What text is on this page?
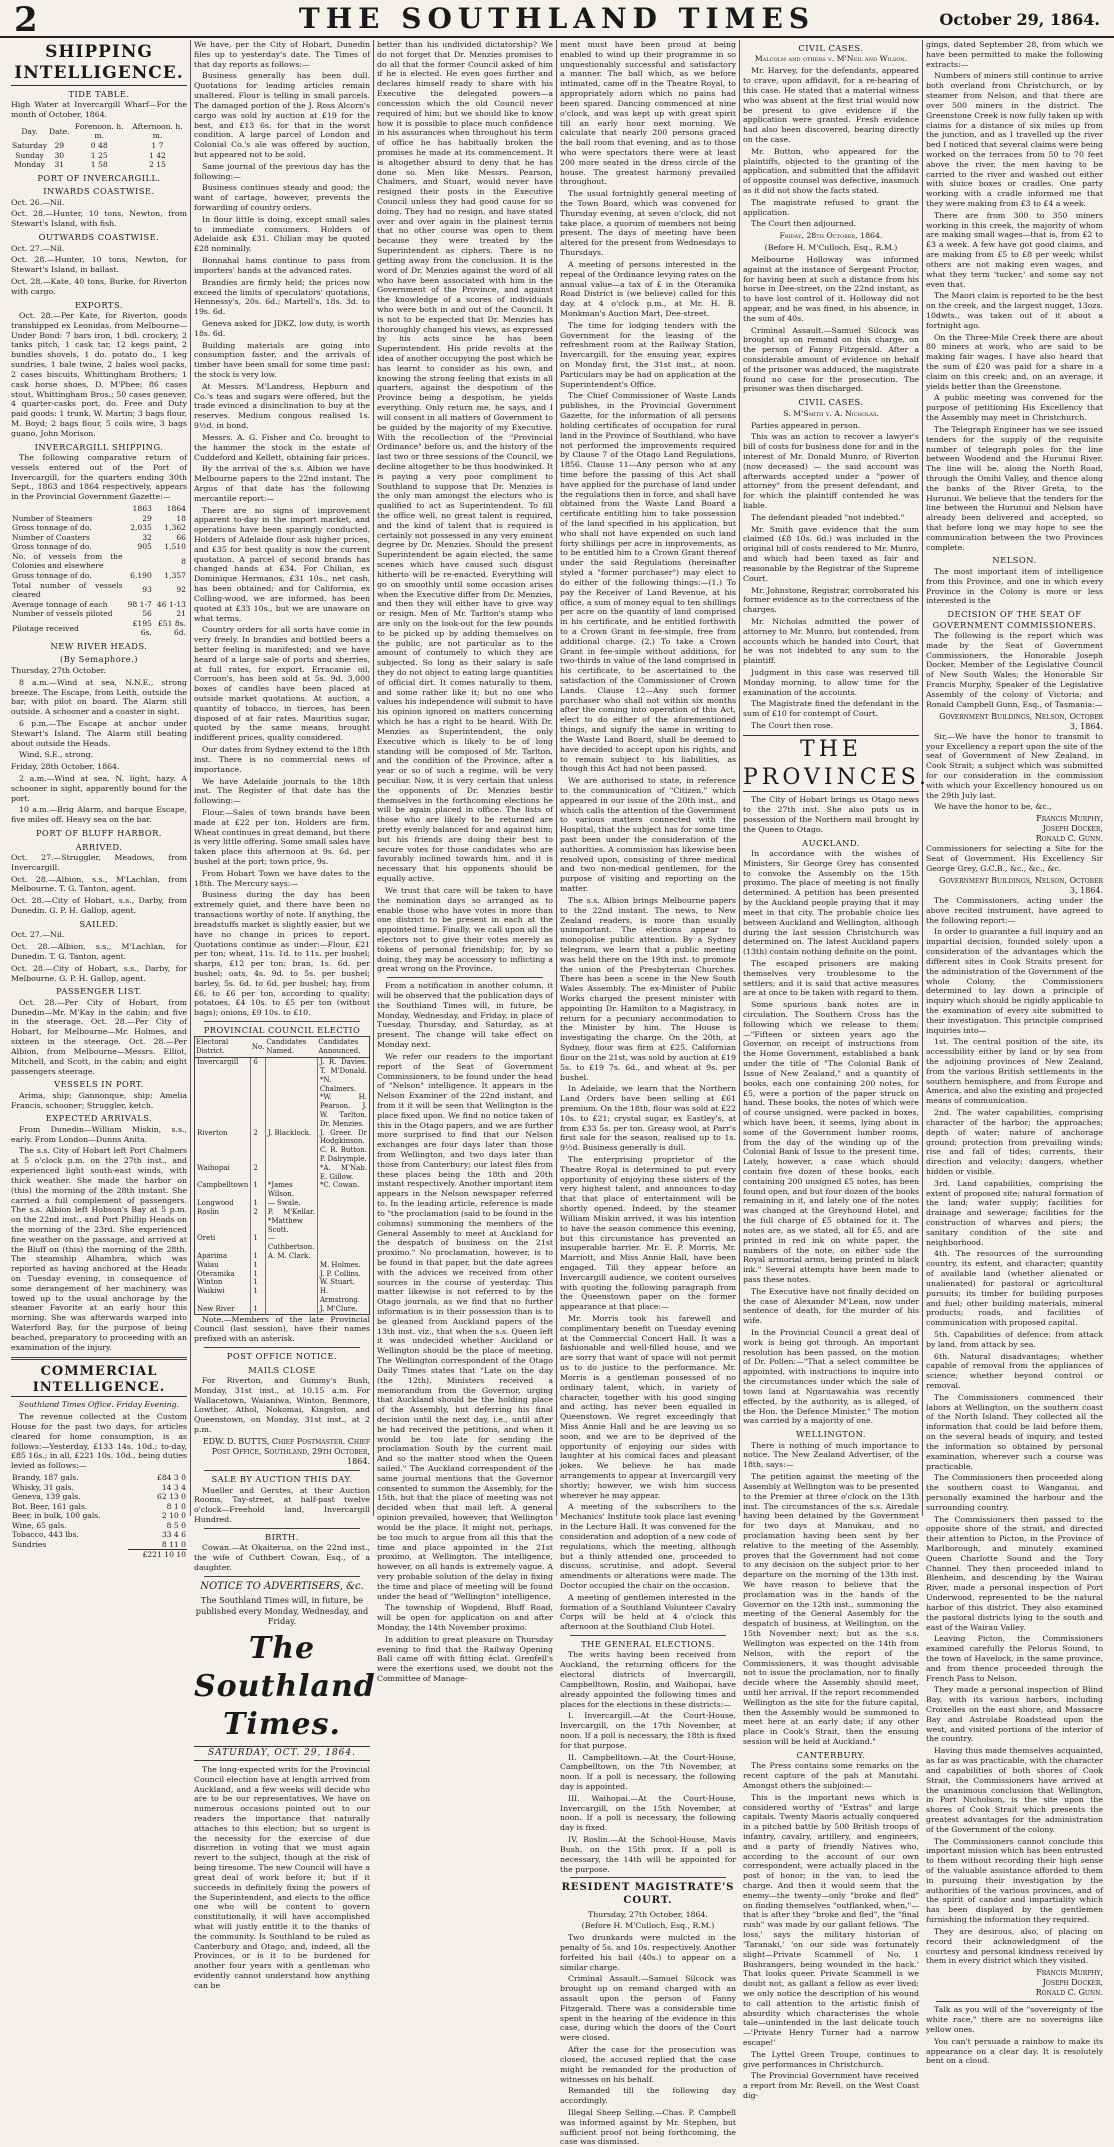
2	THE SOUTHLAND TIMES	October 29, 1864.
SHIPPING INTELLIGENCE.
TIDE TABLE.

High Water at Invercargill Wharf—For the month of October, 1864.

Day.	Date.	Forenoon. h. m.	Afternoon. h. m.
Saturday	29	0 48	1 7
Sunday	30	1 25	1 42
Monday	31	1 58	2 15
PORT OF INVERCARGILL.
INWARDS COASTWISE.

Oct. 26.—Nil.

Oct. 28.—Hunter, 10 tons, Newton, from Stewart's Island, with fish.

OUTWARDS COASTWISE.

Oct. 27.—Nil.

Oct. 28.—Hunter, 10 tons, Newton, for Stewart's Island, in ballast.

Oct. 28.—Kate, 40 tons, Burke, for Riverton with cargo.

EXPORTS.

Oct. 28.—Per Kate, for Riverton, goods transhipped ex Leonidas, from Melbourne—Under Bond: 7 bars iron, 1 bdl. crockery, 2 tanks pitch, 1 cask tar, 12 kegs paint, 2 bundles shovels, 1 do. potato do., 1 keg sundries, 1 bale twine, 2 bales wool packs, 2 cases biscuits, Whittingham Brothers; 1 cask horse shoes, D. M'Phee; 86 cases stout, Whittingham Bros.; 50 cases genever, 4 quarter-casks port, do. Free and Duty paid goods: 1 trunk, W. Martin; 3 bags flour, M. Boyd; 2 bags flour, 5 coils wire, 3 bags guano, John Morison.

INVERCARGILL SHIPPING.

The following comparative return of vessels entered out of the Port of Invercargill, for the quarters ending 30th Sept., 1863 and 1864 respectively, appears in the Provincial Government Gazette:—

	1863	1864
Number of Steamers	29	18
Gross tonnage of do.	2,035	1,362
Number of Coasters	32	66
Gross tonnage of do.	905	1,510
No. of vessels from the Colonies and elsewhere		8
Gross tonnage of do.	6,190	1,357
Total number of vessels cleared	93	92
Average tonnage of each	98 1-7	46 1-13
Number of vessels piloted	56	21
Pilotage received	£195 6s.	£51 8s. 6d.
NEW RIVER HEADS.
(By Semaphore.)

Thursday, 27th October.

8 a.m.—Wind at sea, N.N.E., strong breeze. The Escape, from Leith, outside the bar, with pilot on board. The Alarm still outside. A schooner and a coaster in sight.

6 p.m.—The Escape at anchor under Stewart's Island. The Alarm still beating about outside the Heads.

Wind, S.E., strong.

Friday, 28th October, 1864.

2 a.m.—Wind at sea, N. light, hazy. A schooner in sight, apparently bound for the port.

10 a.m.—Brig Alarm, and barque Escape, five miles off. Heavy sea on the bar.

PORT OF BLUFF HARBOR.
ARRIVED.

Oct. 27.—Struggler, Meadows, from Invercargill.

Oct. 28.—Albion, s.s., M'Lachlan, from Melbourne. T. G. Tanton, agent.

Oct. 28.—City of Hobart, s.s., Darby, from Dunedin. G. P. H. Gallop, agent.

SAILED.

Oct. 27.—Nil.

Oct. 28.—Albion, s.s., M'Lachlan, for Dunedin. T. G. Tanton, agent.

Oct. 28.—City of Hobart, s.s., Darby, for Melbourne. G. P. H. Gallop, agent.

PASSENGER LIST.

Oct. 28.—Per City of Hobart, from Dunedin—Mr. M'Kay in the cabin; and five in the steerage. Oct. 28.—Per City of Hobart, for Melbourne—Mr. Holmes, and sixteen in the steerage. Oct. 28.—Per Albion, from Melbourne—Messrs. Elliot, Mitchell, and Scott, in the cabin; and eight passengers steerage.

VESSELS IN PORT.

Arima, ship; Gannonque, ship; Amelia Francis, schooner; Struggler, ketch.

EXPECTED ARRIVALS.

From Dunedin—William Miskin, s.s., early. From London—Dunns Anita.

The s.s. City of Hobart left Port Chalmers at 5 o'clock p.m. on the 27th inst., and experienced light south-east winds, with thick weather. She made the harbor on (this) the morning of the 28th instant. She carried a full complement of passengers. The s.s. Albion left Hobson's Bay at 5 p.m. on the 22nd inst., and Port Phillip Heads on the morning of the 23rd. She experienced fine weather on the passage, and arrived at the Bluff on (this) the morning of the 28th. The steamship Alhambra, which was reported as having anchored at the Heads on Tuesday evening, in consequence of some derangement of her machinery, was towed up to the usual anchorage by the steamer Favorite at an early hour this morning. She was afterwards warped into Waterford Bay, for the purpose of being beached, preparatory to proceeding with an examination of the injury.

COMMERCIAL INTELLIGENCE.

Southland Times Office. Friday Evening.

The revenue collected at the Custom House for the past two days, for articles cleared for home consumption, is as follows:—Yesterday, £133 14s. 10d.; to-day, £85 16s.; in all, £221 10s. 10d., being duties levied as follows:—

Brandy, 187 gals.	£84 3 0
Whisky, 31 gals.	14 3 4
Geneva, 139 gals.	62 13 0
Bot. Beer, 161 gals.	8 1 0
Beer, in bulk, 100 gals.	2 10 0
Wine, 65 gals.	8 5 0
Tobacco, 443 lbs.	33 4 6
Sundries	8 11 0
	£221 10 10

We have, per the City of Hobart, Dunedin files up to yesterday's date. The Times of that day reports as follows:—

Business generally has been dull. Quotations for leading articles remain unaltered. Flour is telling in small parcels. The damaged portion of the J. Ross Alcorn's cargo was sold by auction at £19 for the best, and £13 6s. for that in the worst condition. A large parcel of London and Colonial Co.'s ale was offered by auction, but appeared not to be sold.

Same journal of the previous day has the following:—

Business continues steady and good; the want of cartage, however, prevents the forwarding of country orders.

In flour little is doing, except small sales to immediate consumers. Holders of Adelaide ask £31. Chilian may be quoted £28 nominally.

Bonnahal hams continue to pass from importers' hands at the advanced rates.

Brandies are firmly held; the prices now exceed the limits of speculators' quotations, Hennessy's, 20s. 6d.; Martell's, 18s. 3d. to 19s. 6d.

Geneva asked for JDKZ, low duty, is worth 18s. 6d.

Building materials are going into consumption faster, and the arrivals of timber have been small for some time past: the stock is very low.

At Messrs. M'Landress, Hepburn and Co.'s teas and sugars were offered, but the trade evinced a disinclination to buy at the reserves. Medium congous realised 1s. 9½d. in bond.

Messrs. A. G. Fisher and Co. brought to the hammer the stock in the estate of Cuddeford and Kellett, obtaining fair prices.

By the arrival of the s.s. Albion we have Melbourne papers to the 22nd instant. The Argus of that date has the following mercantile report:—

There are no signs of improvement apparent to-day in the import market, and operations have been sparingly conducted. Holders of Adelaide flour ask higher prices, and £35 for best quality is now the current quotation. A parcel of second brands has changed hands at £34. For Chilian, ex Dominique Hermanos, £31 10s., net cash, has been obtained; and for California, ex Colling-wood, we are informed, has been quoted at £33 10s., but we are unaware on what terms.

Country orders for all sorts have come in very freely. In brandies and bottled beers a better feeling is manifested; and we have heard of a large sale of ports and sherries, at full rates, for export. Erracanie oil, Corroon's, has been sold at 5s. 9d. 3,000 boxes of candles have been placed at outside market quotations. At auction, a quantity of tobacco, in tierces, has been disposed of at fair rates. Mauritius sugar, quoted by the same means, brought indifferent prices, quality considered.

Our dates from Sydney extend to the 18th inst. There is no commercial news of importance.

We have Adelaide journals to the 18th inst. The Register of that date has the following:—

Flour.—Sales of town brands have been made at £22 per ton. Holders are firm. Wheat continues in great demand, but there is very little offering. Some small sales have taken place this afternoon at 9s. 6d. per bushel at the port; town price, 9s.

From Hobart Town we have dates to the 18th. The Mercury says:—

Business during the day has been extremely quiet, and there have been no transactions worthy of note. If anything, the breadstuffs market is slightly easier, but we have no change in prices to report. Quotations continue as under:—Flour, £21 per ton; wheat, 11s. 1d. to 11s. per bushel; sharps, £12 per ton; bran, 1s. 6d. per bushel; oats, 4s. 9d. to 5s. per bushel; barley, 5s. 6d. to 6d. per bushel; hay, from £6, to £6 per ton, according to quality; potatoes, £4 10s. to £5 per ton (without bags); onions, £9 10s. to £10.

PROVINCIAL COUNCIL ELECTIO
Electoral District.	No.	Candidates Named.	Candidates Announced.
Invercargill	6		J. R. Davies. T. M'Donald. *N. Chalmers. *W. H. Pearson. J. W. Tarlton. Dr. Menzies.
Riverton	2	J. Blacklock.	J. Greer. Dr Hodgkinson. C. R. Button. P. Dalrymple.
Waihopai	2		*A. M'Nab. E. Gillow.
Campbelltown	1	*James Wilson.	*C. Cowan.
Longwood	1	— Swale.	
Roslin	2	P. M'Kellar. *Matthew Scott.	
Oreti	1	— Cuthbertson.	
Aparima	1	A. M. Clark.	
Waiau	1		M. Holmes.
Oteramika	1		J. P. Collins.
Winton	1		W. Stuart.
Waikiwi	1		H. Armstrong.
New River	1		J. M'Clure.

Note.—Members of the late Provincial Council (last session), have their names prefixed with an asterisk.

POST OFFICE NOTICE.
MAILS CLOSE

For Riverton, and Gummy's Bush, Monday, 31st inst., at 10.15 a.m. For Wallacetown, Waianiwa, Winton, Benmore, Lowther, Athol, Nokomai, Kingston, and Queenstown, on Monday, 31st inst., at 2 p.m.

EDW. D. BUTTS, Chief Postmaster. Chief Post Office, Southland, 29th October, 1864.

SALE BY AUCTION THIS DAY.

Mueller and Gerstes, at their Auction Rooms, Tay-street, at half-past twelve o'clock—Freehold land, Invercargill Hundred.

BIRTH.

Cowan.—At Okaiterua, on the 22nd inst., the wife of Cuthbert Cowan, Esq., of a daughter.

NOTICE TO ADVERTISERS, &c.
The Southland Times will, in future, be published every Monday, Wednesday, and Friday.
The Southland Times.
SATURDAY, OCT. 29, 1864.

The long-expected writs for the Provincial Council election have at length arrived from Auckland, and a few weeks will decide who are to be our representatives. We have on numerous occasions pointed out to our readers the importance that naturally attaches to this election; but so urgent is the necessity for the exercise of due discretion in voting that we must again revert to the subject, though at the risk of being tiresome. The new Council will have a great deal of work before it; but if it succeeds in definitely fixing the powers of the Superintendent, and elects to the office one who will be content to govern constitutionally, it will have accomplished what will justly entitle it to the thanks of the community. Is Southland to be ruled as Canterbury and Otago, and, indeed, all the Provinces, or is it to be burdened for another four years with a gentleman who evidently cannot understand how anything can be

better than his undivided dictatorship? We do not forget that Dr. Menzies promises to do all that the former Council asked of him if he is elected. He even goes further and declares himself ready to share with his Executive the delegated powers—a concession which the old Council never required of him; but we should like to know how it is possible to place much confidence in his assurances when throughout his term of office he has habitually broken the promises he made at its commencement. It is altogether absurd to deny that he has done so. Men like Messrs. Pearson, Chalmers, and Stuart, would never have resigned their posts in the Executive Council unless they had good cause for so doing. They had no resign, and have stated over and over again in the plainest terms that no other course was open to them because they were treated by the Superintendent as ciphers. There is no getting away from the conclusion. It is the word of Dr. Menzies against the word of all who have been associated with him in the Government of the Province, and against the knowledge of a scores of individuals who were both in and out of the Council. It is not to be expected that Dr. Menzies has thoroughly changed his views, as expressed by his acts since he has been Superintendent. His pride revolts at the idea of another occupying the post which he has learnt to consider as his own, and knowing the strong feeling that exists in all quarters, against the despotism of the Province being a despotism, he yields everything. Only return me, he says, and I will consent in all matters of Government to be guided by the majority of my Executive. With the recollection of the "Provincial Ordinance" before us, and the history of the last two or three sessions of the Council, we decline altogether to be thus hoodwinked. It is paying a very poor compliment to Southland to suppose that Dr. Menzies is the only man amongst the electors who is qualified to act as Superintendent. To fill the office well, no great talent is required, and the kind of talent that is required is certainly not possessed in any very eminent degree by Dr. Menzies. Should the present Superintendent be again elected, the same scenes which have caused such disgust hitherto will be re-enacted. Everything will go on smoothly until some occasion arises when the Executive differ from Dr. Menzies, and then they will either have to give way or resign. Men of Mr. Tarlton's stamp who are only on the look-out for the few pounds to be picked up by adding themselves on the public, are not particular as to the amount of contumely to which they are subjected. So long as their salary is safe they do not object to eating large quantities of official dirt. It comes naturally to them, and some rather like it; but no one who values his independence will submit to have his opinion ignored on matters concerning which he has a right to be heard. With Dr. Menzies as Superintendent, the only Executive which is likely to be of long standing will be composed of Mr. Tarlton, and the condition of the Province, after a year or so of such a regime, will be very peculiar. Now, it is very certain that unless the opponents of Dr. Menzies bestir themselves in the forthcoming elections he will be again placed in office. The lists of those who are likely to be returned are pretty evenly balanced for and against him; but his friends are doing their best to secure votes for those candidates who are favorably inclined towards him, and it is necessary that his opponents should be equally active.

We trust that care will be taken to have the nomination days so arranged as to enable those who have votes in more than one district to be present in each at the appointed time. Finally, we call upon all the electors not to give their votes merely as tokens of personal friendship; for, by so doing, they may be accessory to inflicting a great wrong on the Province.

From a notification in another column, it will be observed that the publication days of the Southland Times will, in future, be Monday, Wednesday, and Friday, in place of Tuesday, Thursday, and Saturday, as at present. The change will take effect on Monday next.

We refer our readers to the important report of the Seat of Government Commissioners, to be found under the head of "Nelson" intelligence. It appears in the Nelson Examiner of the 22nd instant, and from it it will be seen that Wellington is the place fixed upon. We find no notice taken of this in the Otago papers, and we are further more surprised to find that our Nelson exchanges are four days later than those from Wellington, and two days later than those from Canterbury; our latest files from these places being the 18th and 20th instant respectively. Another important item appears in the Nelson newspaper referred to. In the leading article, reference is made to "the proclamation (said to be found in the columns) summoning the members of the General Assembly to meet at Auckland for the despatch of business on the 21st proximo." No proclamation, however, is to be found in that paper, but the date agrees with the advices we received from other sources in the course of yesterday. This matter likewise is not referred to by the Otago journals, as we find that no further information is in their possession than is to be gleaned from Auckland papers of the 13th inst. viz., that when the s.s. Queen left it was undecided whether Auckland or Wellington should be the place of meeting. The Wellington correspondent of the Otago Daily Times states that "Late on the day (the 12th), Ministers received a memorandum from the Governor, urging that Auckland should be the holding place of the Assembly, but deferring his final decision until the next day, i.e., until after he had received the petitions, and when it would be too late for sending the proclamation South by the current mail. And so the matter stood when the Queen sailed." The Auckland correspondent of the same journal mentions that the Governor consented to summon the Assembly, for the 15th, but that the place of meeting was not decided when that mail left. A general opinion prevailed, however, that Wellington would be the place. It might not, perhaps, be too much to argue from all this that the time and place appointed in the 21st proximo, at Wellington. The intelligence, however, on all hands is extremely vague. A very probable solution of the delay in fixing the time and place of meeting will be found under the head of "Wellington" intelligence.

The township of Wopdend, Bluff Road, will be open for application on and after Monday, the 14th November proximo.

In addition to great pleasure on Thursday evening to find that the Railway Opening Ball came off with fitting éclat. Grenfell's were the exertions used, we doubt not the Committee of Manage-

ment must have been proud at being enabled to wind up their programme in so unquestionably successful and satisfactory a manner. The ball which, as we before intimated, came off in the Theatre Royal, to appropriately adorn which no pains had been spared. Dancing commenced at nine o'clock, and was kept up with great spirit till an early hour next morning. We calculate that nearly 200 persons graced the ball room that evening, and as to those who were spectators there were at least 200 more seated in the dress circle of the house. The greatest harmony prevailed throughout.

The usual fortnightly general meeting of the Town Board, which was convened for Thursday evening, at seven o'clock, did not take place, a quorum of members not being present. The days of meeting have been altered for the present from Wednesdays to Thursdays.

A meeting of persons interested in the repeal of the Ordinance levying rates on the annual value—a tax of £ in the Oteramika Road District is (we believe) called for this day, at 4 o'clock p.m., at Mr. H. B. Monkman's Auction Mart, Dee-street.

The time for lodging tenders with the Government for the leasing of the refreshment room at the Railway Station, Invercargill, for the ensuing year, expires on Monday first, the 31st inst., at noon. Particulars may be had on application at the Superintendent's Office.

The Chief Commissioner of Waste Lands publishes, in the Provincial Government Gazette, for the information of all persons holding certificates of occupation for rural land in the Province of Southland, who have not performed the improvements required by Clause 7 of the Otago Land Regulations, 1856. Clause 11—Any person who at any time before the passing of this Act shall have applied for the purchase of land under the regulations then in force, and shall have obtained from the Waste Land Board a certificate entitling him to take possession of the land specified in his application, but who shall not have expended on such land forty shillings per acre in improvements, as to be entitled him to a Crown Grant thereof under the said Regulations (hereinafter styled a "former purchaser") may elect to do either of the following things:—(1.) To pay the Receiver of Land Revenue, at his office, a sum of money equal to ten shillings per acre on the quantity of land comprised in his certificate, and be entitled forthwith to a Crown Grant in fee-simple, free from additional charge. (2.) To take a Crown Grant in fee-simple without additions, for two-thirds in value of the land comprised in his certificate, to be ascertained to the satisfaction of the Commissioner of Crown Lands. Clause 12—Any such former purchaser who shall not within six months after the coming into operation of this Act, elect to do either of the aforementioned things, and signify the same in writing to the Waste Land Board, shall be deemed to have decided to accept upon his rights, and to remain subject to his liabilities, as though this Act had not been passed.

We are authorised to state, in reference to the communication of "Citizen," which appeared in our issue of the 20th inst., and which calls the attention of the Government to various matters connected with the Hospital, that the subject has for some time past been under the consideration of the authorities. A commission has likewise been resolved upon, consisting of three medical and two non-medical gentlemen, for the purpose of visiting and reporting on the matter.

The s.s. Albion brings Melbourne papers to the 22nd instant. The news, to New Zealand readers, is more than usually unimportant. The elections appear to monopolise public attention. By a Sydney telegram, we learn that a public meeting was held there on the 19th inst. to promote the union of the Presbyterian Churches. There has been a scene in the New South Wales Assembly. The ex-Minister of Public Works charged the present minister with appointing Dr. Hamilton to a Magistracy, in return for a pecuniary accommodation to the Minister by him. The House is investigating the charge. On the 20th, at Sydney, flour was firm at £25. Californian flour on the 21st, was sold by auction at £19 5s. to £19 7s. 6d., and wheat at 9s. per bushel.

In Adelaide, we learn that the Northern Land Orders have been selling at £61 premium. On the 18th, flour was sold at £22 10s. to £21; crystal sugar, ex Eastley's, at from £33 5s. per ton. Greasy wool, at Parr's first sale for the season, realised up to 1s. 9½d. Business generally is dull.

The enterprising proprietor of the Theatre Royal is determined to put every opportunity of enjoying these sisters of the very highest talent, and announces to-day that that place of entertainment will be shortly opened. Indeed, by the steamer William Miskin arrived, it was his intention to have the season commence this evening, but this circumstance has prevented an insuperable barrier. Mr. E. P. Morris, Mr. Marriott, and Miss Annie Hall, have been engaged. Till they appear before an Invercargill audience, we content ourselves with quoting the following paragraph from the Queenstown paper on the former appearance at that place:—

Mr. Morris took his farewell and complimentary benefit on Tuesday evening at the Commercial Concert Hall. It was a fashionable and well-filled house, and we are sorry that want of space will not permit us to do justice to the performance. Mr. Morris is a gentleman possessed of no ordinary talent, which, in variety of character, together with his good singing and acting, has never been equalled in Queenstown. We regret exceedingly that Miss Annie Hall and he are leaving us so soon, and we are to be deprived of the opportunity of enjoying our sides with laughter at his comical faces and pleasant jokes. We believe he has made arrangements to appear at Invercargill very shortly; however, we wish him success wherever he may appear.

A meeting of the subscribers to the Mechanics' Institute took place last evening in the Lecture Hall. It was convened for the consideration and adoption of a new code of regulations, which the meeting, although but a thinly attended one, proceeded to discuss, scrutinise, and adopt. Several amendments or alterations were made. The Doctor occupied the chair on the occasion.

A meeting of gentlemen interested in the formation of a Southland Volunteer Cavalry Corps will be held at 4 o'clock this afternoon at the Southland Club Hotel.

THE GENERAL ELECTIONS.

The writs having been received from Auckland, the returning officers for the electoral districts of Invercargill, Campbelltown, Roslin, and Waihopai, have already appointed the following times and places for the elections in these districts:—

I. Invercargill.—At the Court-House, Invercargill, on the 17th November, at noon. If a poll is necessary, the 18th is fixed for that purpose.

II. Campbelltown.—At the Court-House, Campbelltown, on the 7th November, at noon. If a poll is necessary, the following day is appointed.

III. Waihopai.—At the Court-House, Invercargill, on the 15th November, at noon. If a poll is necessary, the following day is fixed.

IV. Roslin.—At the School-House, Mavis Bush, on the 15th prox. If a poll is necessary, the 14th will be appointed for the purpose.

RESIDENT MAGISTRATE'S COURT.

Thursday, 27th October, 1864.

(Before H. M'Culloch, Esq., R.M.)

Two drunkards were mulcted in the penalty of 5s. and 10s. respectively. Another forfeited his bail (40s.) to appear on a similar charge.

Criminal Assault.—Samuel Silcock was brought up on remand charged with an assault upon the person of Fanny Fitzgerald. There was a considerable time spent in the hearing of the evidence in this case, during which the doors of the Court were closed.

After the case for the prosecution was closed, the accused replied that the case might be remanded for the production of witnesses on his behalf.

Remanded till the following day accordingly.

Illegal Sheep Selling.—Chas. P. Campbell was informed against by Mr. Stephen, but sufficient proof not being forthcoming, the case was dismissed.

CIVIL CASES.

Malcolm and others v. M'Neil and Wilson.

Mr. Harvey, for the defendants, appeared to crave, upon affidavit, for a re-hearing of this case. He stated that a material witness who was absent at the first trial would now be present to give evidence if the application were granted. Fresh evidence had also been discovered, bearing directly on the case.

Mr. Button, who appeared for the plaintiffs, objected to the granting of the application, and submitted that the affidavit of opposite counsel was defective, inasmuch as it did not show the facts stated.

The magistrate refused to grant the application.

The Court then adjourned.

Friday, 28th October, 1864.

(Before H. M'Culloch, Esq., R.M.)

Melbourne Holloway was informed against at the instance of Sergeant Proctor, for having been at such a distance from his horse in Dee-street, on the 22nd instant, as to have lost control of it. Holloway did not appear, and he was fined, in his absence, in the sum of 40s.

Criminal Assault.—Samuel Silcock was brought up on remand on this charge, on the person of Fanny Fitzgerald. After a considerable amount of evidence on behalf of the prisoner was adduced, the magistrate found no case for the prosecution. The prisoner was then discharged.

CIVIL CASES.

S. M'Smith v. A. Nicholas.

Parties appeared in person.

This was an action to recover a lawyer's bill of costs for business done for and in the interest of Mr. Donald Munro, of Riverton (now deceased) — the said account was afterwards accepted under a "power of attorney" from the present defendant, and for which the plaintiff contended he was liable.

The defendant pleaded "not indebted."

Mr. Smith gave evidence that the sum claimed (£8 10s. 6d.) was included in the original bill of costs rendered to Mr. Munro, and which had been taxed as fair and reasonable by the Registrar of the Supreme Court.

Mr. Johnstone, Registrar, corroborated his former evidence as to the correctness of the charges.

Mr. Nicholas admitted the power of attorney to Mr. Munro, but contended, from accounts which he handed into Court, that he was not indebted to any sum to the plaintiff.

Judgment in this case was reserved till Monday morning, to allow time for the examination of the accounts.

The Magistrate fined the defendant in the sum of £10 for contempt of Court.

The Court then rose.

THE PROVINCES.

The City of Hobart brings us Otago news to the 27th inst. She also puts us in possession of the Northern mail brought by the Queen to Otago.

AUCKLAND.

In accordance with the wishes of Ministers, Sir George Grey has consented to convoke the Assembly on the 15th proximo. The place of meeting is not finally determined. A petition has been presented by the Auckland people praying that it may meet in that city. The probable choice lies between Auckland and Wellington, although during the last session Christchurch was determined on. The latest Auckland papers (13th) contain nothing definite on the point.

The escaped prisoners are making themselves very troublesome to the settlers; and it is said that active measures are at once to be taken with regard to them.

Some spurious bank notes are in circulation. The Southern Cross has the following which we release to them:—"Fifteen or sixteen years ago the Governor, on receipt of instructions from the Home Government, established a bank under the title of "The Colonial Bank of Issue of New Zealand," and a quantity of books, each one containing 200 notes, for £5, were a portion of the paper struck on hand. These books, the notes of which were of course unsigned, were packed in boxes, which have been, it seems, lying about in some of the Government lumber rooms, from the day of the winding up of the Colonial Bank of Issue to the present time. Lately, however, a case which should contain five dozen of these books, each containing 200 unsigned £5 notes, has been found open, and but four dozen of the books remaining in it, and lately one of the notes was changed at the Greyhound Hotel, and the full charge of £5 obtained for it. The notes are, as we stated, all for £5, and are printed in red ink on white paper, the numbers of the note, on either side the Royal armorial arms, being printed in black ink." Several attempts have been made to pass these notes.

The Executive have not finally decided on the case of Alexander M'Lean, now under sentence of death, for the murder of his wife.

In the Provincial Council a great deal of work is being got through. An important resolution has been passed, on the motion of Dr. Pollen:—"That a select committee be appointed, with instructions to inquire into the circumstances under which the sale of town land at Ngaruawahia was recently effected, by the authority, as is alleged, of the Hon. the Defence Minister." The motion was carried by a majority of one.

WELLINGTON.

There is nothing of much importance to notice. The New Zealand Advertiser, of the 18th, says:—

The petition against the meeting of the Assembly at Wellington was to be presented to the Premier at three o'clock on the 13th inst. The circumstances of the s.s. Airedale having been detained by the Government for two days at Manukau, and no proclamation having been sent by her relative to the meeting of the Assembly, proves that the Government had not come to any decision on the subject prior to her departure on the morning of the 13th inst. We have reason to believe that the proclamation was in the hands of the Governor on the 12th inst., summoning the meeting of the General Assembly for the despatch of business, at Wellington, on the 15th November next; but as the s.s. Wellington was expected on the 14th from Nelson, with the report of the Commissioners, it was thought advisable not to issue the proclamation, nor to finally decide where the Assembly should meet, until her arrival. If the report recommended Wellington as the site for the future capital, then the Assembly would be summoned to meet here at an early date; if any other place in Cook's Strait, then the ensuing session will be held at Auckland."

CANTERBURY.

The Press contains some remarks on the recent capture of the pah at Manutahi. Amongst others the subjoined:—

This is the important news which is considered worthy of "Extras" and large capitals. Twenty Maoris actually conquered in a pitched battle by 500 British troops of infantry, cavalry, artillery, and engineers, and a party of friendly Natives who, according to the account of our own correspondent, were actually placed in the post of honor; in the van, to lead the charge. And then it would seem that the enemy—the twenty—only "broke and fled" on finding themselves "outflanked, when,"—that is after they "broke and fled", the "final rush" was made by our gallant fellows. 'The loss,' says the military historian of 'Taranaki,' 'on our side was fortunately slight—Private Scammell of No. 1 Bushrangers, being wounded in the back.' That looks queer. Private Scammell is we doubt not, as gallant a fellow as ever lived; we only notice the description of his wound to call attention to the artistic finish of absurdity which characterises the whole tale—unintended in the last delicate touch —'Private Henry Turner had a narrow escape!'

The Lyttel Green Troupe, continues to give performances in Christchurch.

The Provincial Government have received a report from Mr. Revell, on the West Coast dig-

gings, dated September 28, from which we have been permitted to make the following extracts:—

Numbers of miners still continue to arrive both overland from Christchurch, or by steamer from Nelson, and that there are over 500 miners in the district. The Greenstone Creek is now fully taken up with claims for a distance of six miles up from the junction, and as I travelled up the river bed I noticed that several claims were being worked on the terraces from 50 to 70 feet above the river, the men having to be carried to the river and washed out either with sluice boxes or cradles. One party working with a cradle informed me that they were making from £3 to £4 a week.

There are from 300 to 350 miners working in this creek, the majority of whom are making small wages—that is, from £2 to £3 a week. A few have got good claims, and are making from £5 to £8 per week; whilst others are not making even wages, and what they term 'tucker,' and some say not even that.

The Maori claim is reported to be the best on the creek, and the largest nugget, 13ozs. 10dwts., was taken out of it about a fortnight ago.

On the Three-Mile Creek there are about 80 miners at work, who are said to be making fair wages. I have also heard that the sum of £20 was paid for a share in a claim on this creek; and, on an average, it yields better than the Greenstone.

A public meeting was convened for the purpose of petitioning His Excellency that the Assembly may meet in Christchurch.

The Telegraph Engineer has we see issued tenders for the supply of the requisite number of telegraph poles for the line between Woodend and the Hurunui River. The line will be, along the North Road, through the Omihi Valley, and thence along the banks of the River Greta, to the Hurunui. We believe that the tenders for the line between the Hurunui and Nelson have already been delivered and accepted, so that before long we may hope to see the communication between the two Provinces complete.

NELSON.

The most important item of intelligence from this Province, and one in which every Province in the Colony is more or less interested is the

DECISION OF THE SEAT OF GOVERNMENT COMMISSIONERS.

The following is the report which was made by the Seat of Government Commissioners, the Honorable Joseph Docker, Member of the Legislative Council of New South Wales; the Honorable Sir Francis Murphy, Speaker of the Legislative Assembly of the colony of Victoria; and Ronald Campbell Gunn, Esq., of Tasmania:—

Government Buildings, Nelson, October 3, 1864.

Sir,—We have the honor to transmit to your Excellency a report upon the site of the seat of Government of New Zealand, in Cook Strait; a subject which was submitted for our consideration in the commission with which your Excellency honoured us on the 29th July last.

We have the honor to be, &c.,

Francis Murphy,

Joseph Docker,

Ronald C. Gunn.

Commissioners for selecting a Site for the Seat of Government. His Excellency Sir George Grey, G.C.B., &c., &c., &c.

Government Buildings, Nelson, October 3, 1864.

The Commissioners, acting under the above recited instrument, have agreed to the following report:—

In order to guarantee a full inquiry and an impartial decision, founded solely upon a consideration of the advantages which the different sites in Cook Straits present for the administration of the Government of the whole Colony, the Commissioners determined to lay down a principle of inquiry which should be rigidly applicable to the examination of every site submitted to their investigation. This principle comprised inquiries into—

1st. The central position of the site, its accessibility either by land or by sea from the adjoining provinces of New Zealand, from the various British settlements in the southern hemisphere, and from Europe and America, and also the existing and projected means of communication.

2nd. The water capabilities, comprising character of the harbor; the approaches; depth of water; nature of anchorage ground; protection from prevailing winds; rise and fall of tides; currents, their direction and velocity; dangers, whether hidden or visible.

3rd. Land capabilities, comprising the extent of proposed site; natural formation of the land; water supply; facilities for drainage and sewerage; facilities for the construction of wharves and piers; the sanitary condition of the site and neighborhood.

4th. The resources of the surrounding country, its extent, and character; quantity of available land (whether alienated or unalienated) for pastoral or agricultural pursuits; its timber for building purposes and fuel; other building materials, mineral products; roads, and facilities of communication with proposed capital.

5th. Capabilities of defence: from attack by land, from attack by sea.

6th. Natural disadvantages; whether capable of removal from the appliances of science; whether beyond control or removal.

The Commissioners commenced their labors at Wellington, on the southern coast of the North Island. They collected all the information that could be laid before them, on the several heads of inquiry, and tested the information so obtained by personal examination, wherever such a course was practicable.

The Commissioners then proceeded along the southern coast to Wanganui, and personally examined the harbour and the surrounding country.

The Commissioners then passed to the opposite shore of the strait, and directed their attention to Picton, in the Province of Marlborough, and minutely examined Queen Charlotte Sound and the Tory Channel. They then proceeded inland to Blenheim, and descending by the Wairau River, made a personal inspection of Port Underwood, represented to be the natural harbor of this district. They also examined the pastoral districts lying to the south and east of the Wairau Valley.

Leaving Picton, the Commissioners examined carefully the Pelorus Sound, to the town of Havelock, in the same province, and from thence proceeded through the French Pass to Nelson.

They made a personal inspection of Blind Bay, with its various harbors, including Croixelles on the east shore, and Massacre Bay and Astrolabe Roadstead upon the west, and visited portions of the interior of the country.

Having thus made themselves acquainted, as far as was practicable, with the character and capabilities of both shores of Cook Strait, the Commissioners have arrived at the unanimous conclusion that Wellington, in Port Nicholson, is the site upon the shores of Cook Strait which presents the greatest advantages for the administration of the Government of the colony.

The Commissioners cannot conclude this important mission which has been entrusted to them without recording their high sense of the valuable assistance afforded to them in pursuing their investigation by the authorities of the various provinces, and of the spirit of candor and impartiality which has been displayed by the gentlemen furnishing the information they required.

They are desirous, also, of placing on record their acknowledgment of the courtesy and personal kindness received by them in every district which they visited.

Francis Murphy,

Joseph Docker,

Ronald C. Gunn.

Talk as you will of the "sovereignty of the white race," there are no sovereigns like yellow ones.

You can't persuade a rainbow to make its appearance on a clear day. It is resolutely bent on a cloud.
